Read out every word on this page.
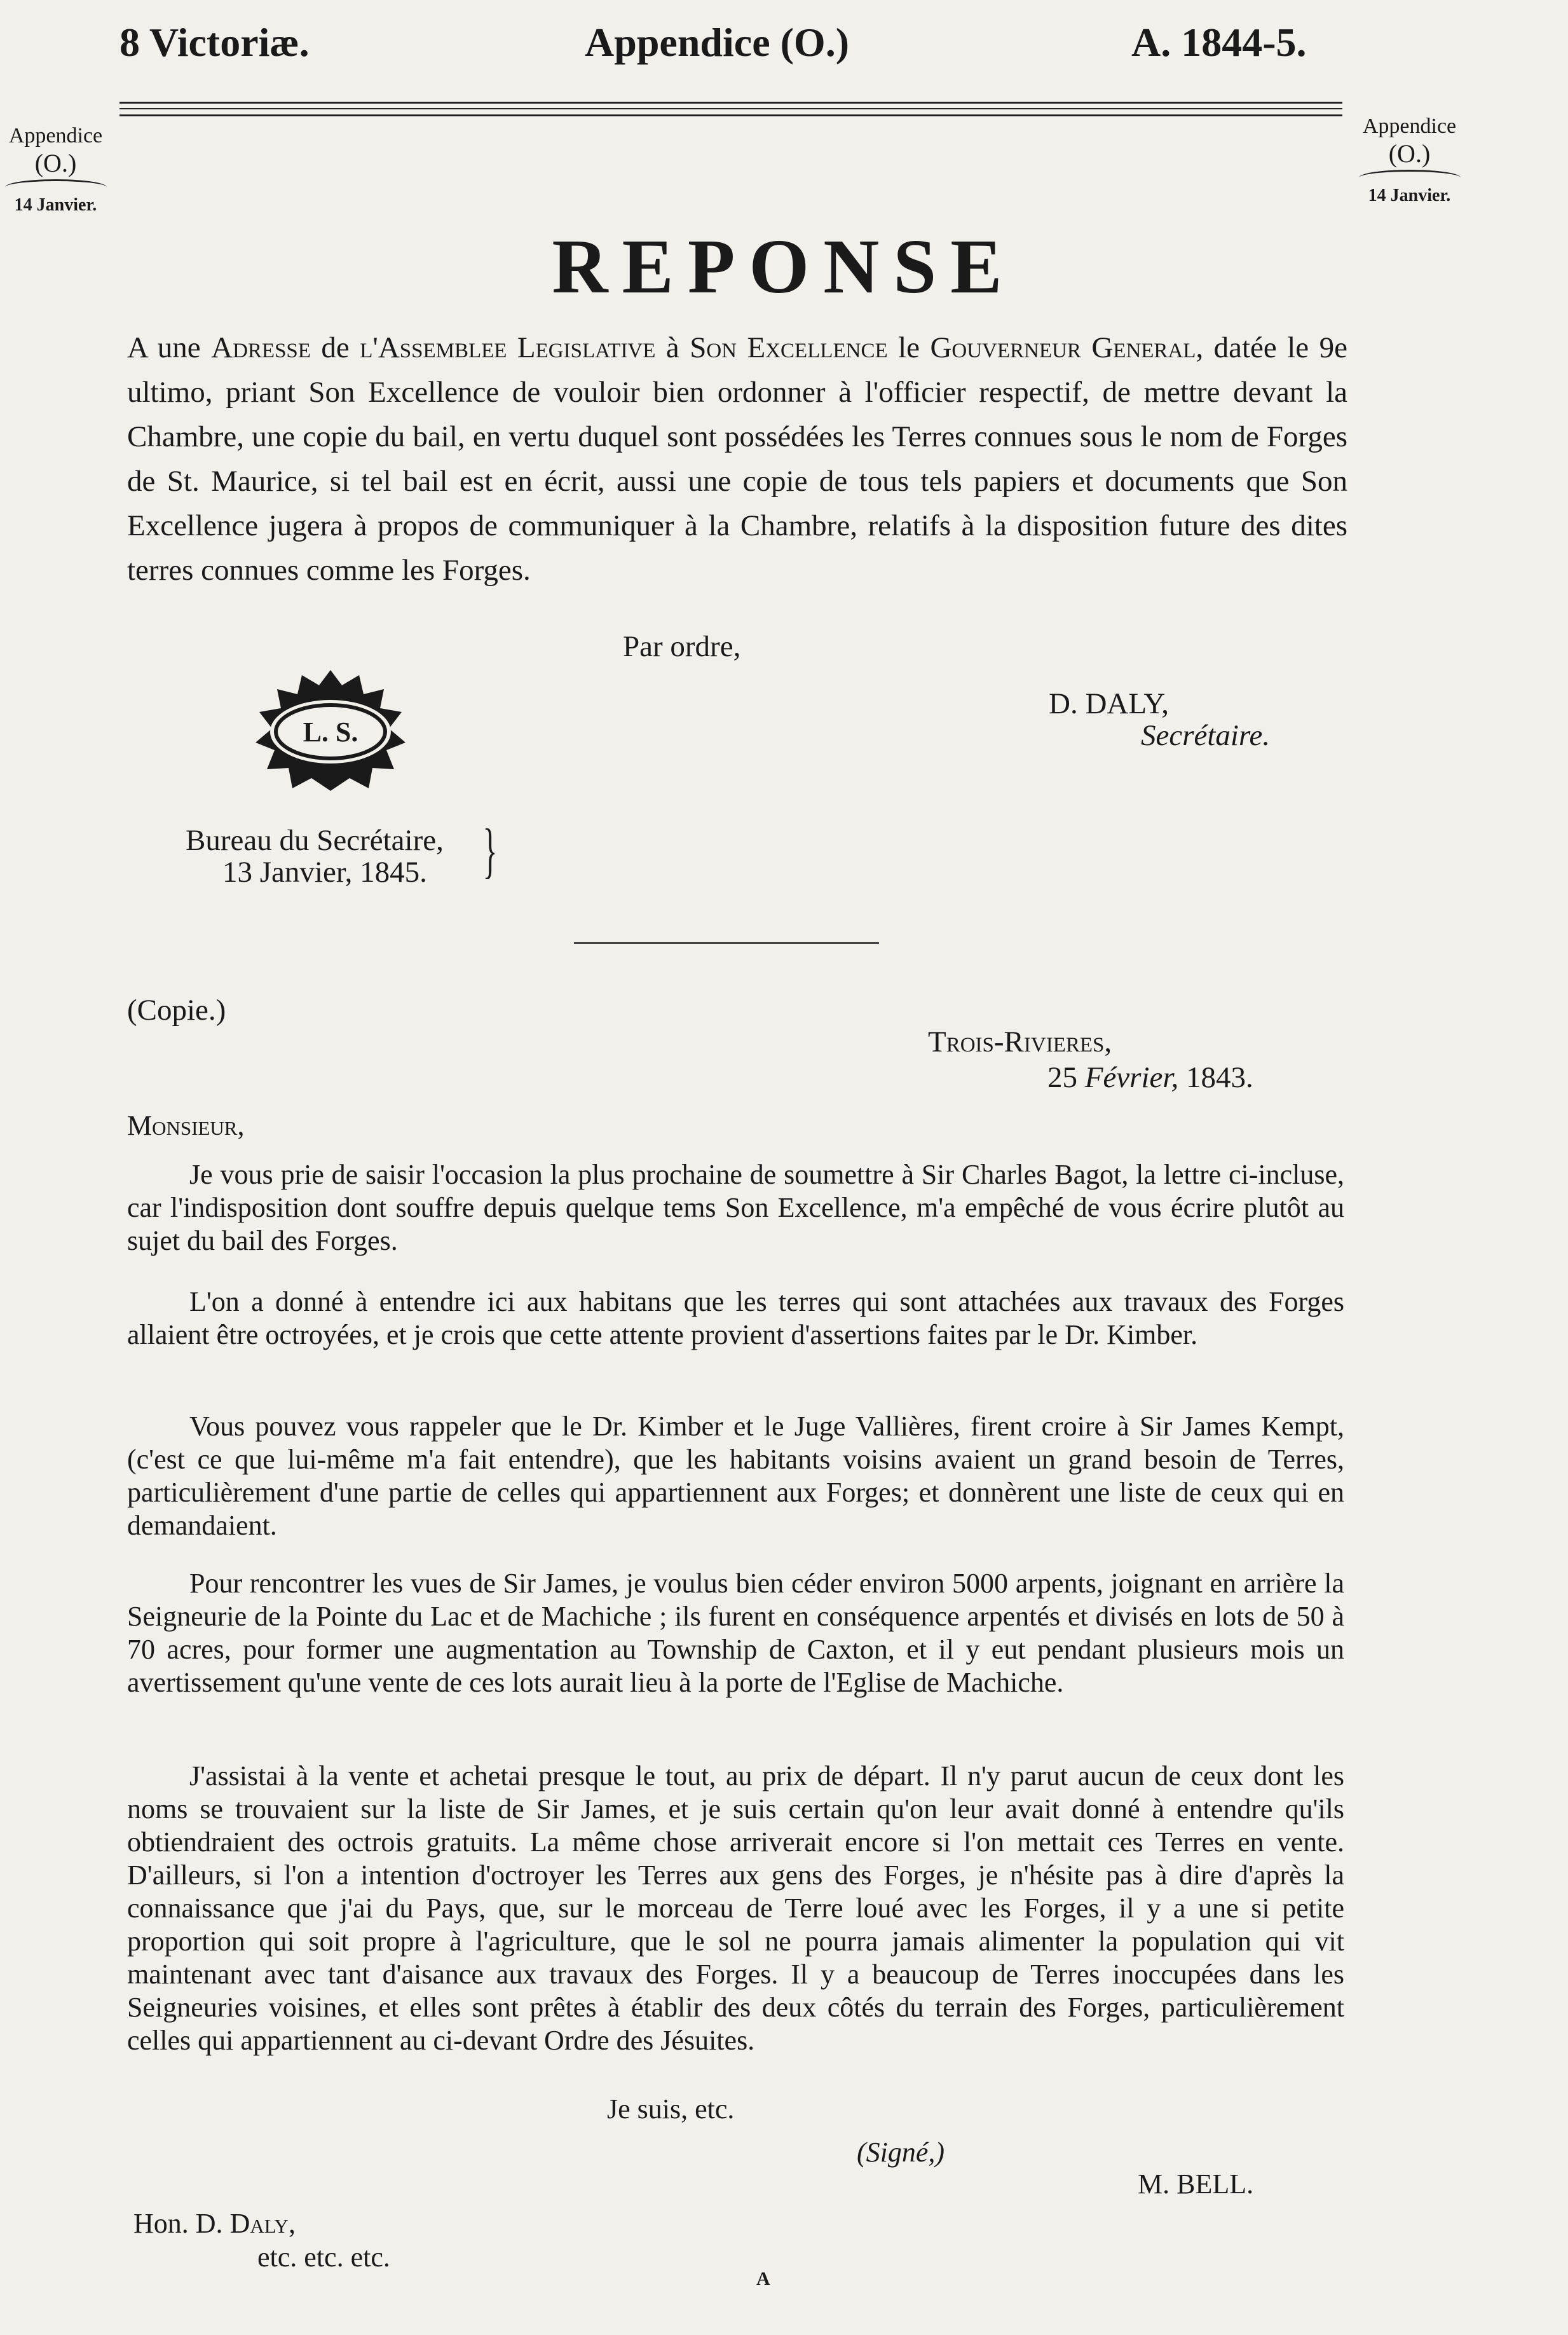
8 Victoriæ.	Appendice (O.)	A. 1844-5.
Appendice
(O.)
14 Janvier.
Appendice
(O.)
14 Janvier.
REPONSE
A une Adresse de l'Assemblee Legislative à Son Excellence le Gouverneur General, datée le 9e ultimo, priant Son Excellence de vouloir bien ordonner à l'officier respectif, de mettre devant la Chambre, une copie du bail, en vertu duquel sont possédées les Terres connues sous le nom de Forges de St. Maurice, si tel bail est en écrit, aussi une copie de tous tels papiers et documents que Son Excellence jugera à propos de communiquer à la Chambre, relatifs à la disposition future des dites terres connues comme les Forges.
Par ordre,
L. S.
D. DALY,
Secrétaire.
Bureau du Secrétaire,
13 Janvier, 1845. }
(Copie.)
Trois-Rivieres,
25 Février, 1843.
Monsieur,
Je vous prie de saisir l'occasion la plus prochaine de soumettre à Sir Charles Bagot, la lettre ci-incluse, car l'indisposition dont souffre depuis quelque tems Son Excellence, m'a empêché de vous écrire plutôt au sujet du bail des Forges.
L'on a donné à entendre ici aux habitans que les terres qui sont attachées aux travaux des Forges allaient être octroyées, et je crois que cette attente provient d'assertions faites par le Dr. Kimber.
Vous pouvez vous rappeler que le Dr. Kimber et le Juge Vallières, firent croire à Sir James Kempt, (c'est ce que lui-même m'a fait entendre), que les habitants voisins avaient un grand besoin de Terres, particulièrement d'une partie de celles qui appartiennent aux Forges; et donnèrent une liste de ceux qui en demandaient.
Pour rencontrer les vues de Sir James, je voulus bien céder environ 5000 arpents, joignant en arrière la Seigneurie de la Pointe du Lac et de Machiche ; ils furent en conséquence arpentés et divisés en lots de 50 à 70 acres, pour former une augmentation au Township de Caxton, et il y eut pendant plusieurs mois un avertissement qu'une vente de ces lots aurait lieu à la porte de l'Eglise de Machiche.
J'assistai à la vente et achetai presque le tout, au prix de départ. Il n'y parut aucun de ceux dont les noms se trouvaient sur la liste de Sir James, et je suis certain qu'on leur avait donné à entendre qu'ils obtiendraient des octrois gratuits. La même chose arriverait encore si l'on mettait ces Terres en vente. D'ailleurs, si l'on a intention d'octroyer les Terres aux gens des Forges, je n'hésite pas à dire d'après la connaissance que j'ai du Pays, que, sur le morceau de Terre loué avec les Forges, il y a une si petite proportion qui soit propre à l'agriculture, que le sol ne pourra jamais alimenter la population qui vit maintenant avec tant d'aisance aux travaux des Forges. Il y a beaucoup de Terres inoccupées dans les Seigneuries voisines, et elles sont prêtes à établir des deux côtés du terrain des Forges, particulièrement celles qui appartiennent au ci-devant Ordre des Jésuites.
Je suis, etc.
(Signé,)
M. BELL.
Hon. D. Daly,
etc. etc. etc.
A
